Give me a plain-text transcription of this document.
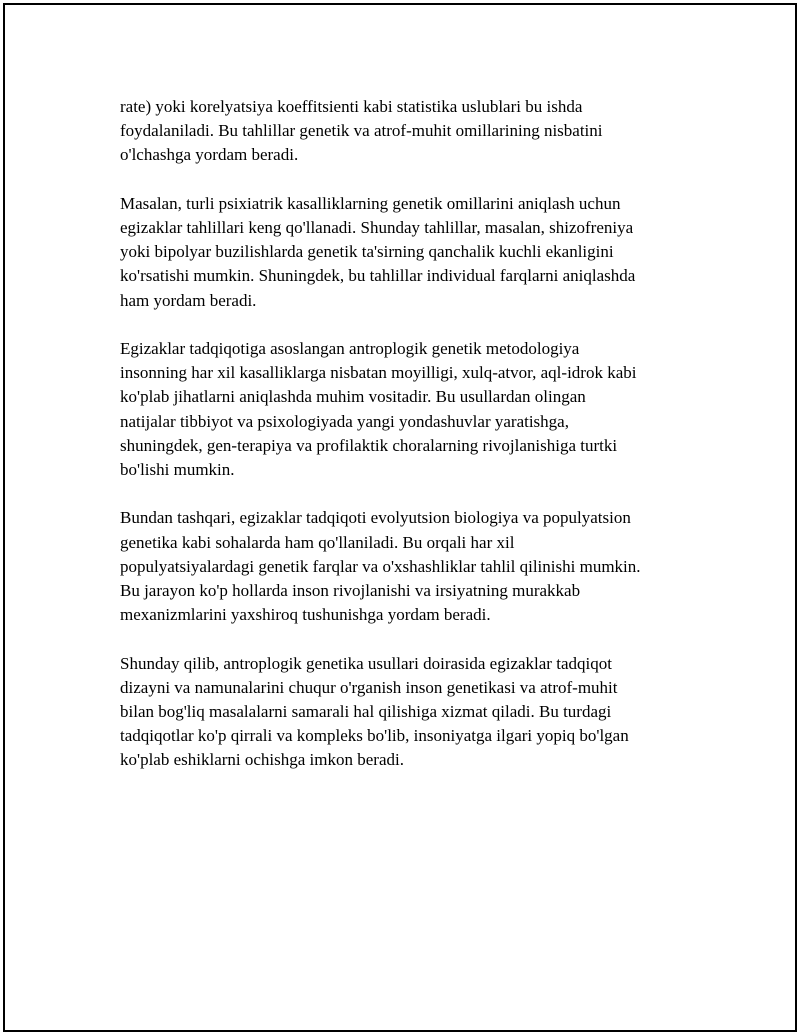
rate) yoki korelyatsiya koeffitsienti kabi statistika uslublari bu ishda
foydalaniladi. Bu tahlillar genetik va atrof-muhit omillarining nisbatini
o'lchashga yordam beradi.

Masalan, turli psixiatrik kasalliklarning genetik omillarini aniqlash uchun
egizaklar tahlillari keng qo'llanadi. Shunday tahlillar, masalan, shizofreniya
yoki bipolyar buzilishlarda genetik ta'sirning qanchalik kuchli ekanligini
ko'rsatishi mumkin. Shuningdek, bu tahlillar individual farqlarni aniqlashda
ham yordam beradi.

Egizaklar tadqiqotiga asoslangan antroplogik genetik metodologiya
insonning har xil kasalliklarga nisbatan moyilligi, xulq-atvor, aql-idrok kabi
ko'plab jihatlarni aniqlashda muhim vositadir. Bu usullardan olingan
natijalar tibbiyot va psixologiyada yangi yondashuvlar yaratishga,
shuningdek, gen-terapiya va profilaktik choralarning rivojlanishiga turtki
bo'lishi mumkin.

Bundan tashqari, egizaklar tadqiqoti evolyutsion biologiya va populyatsion
genetika kabi sohalarda ham qo'llaniladi. Bu orqali har xil
populyatsiyalardagi genetik farqlar va o'xshashliklar tahlil qilinishi mumkin.
Bu jarayon ko'p hollarda inson rivojlanishi va irsiyatning murakkab
mexanizmlarini yaxshiroq tushunishga yordam beradi.

Shunday qilib, antroplogik genetika usullari doirasida egizaklar tadqiqot
dizayni va namunalarini chuqur o'rganish inson genetikasi va atrof-muhit
bilan bog'liq masalalarni samarali hal qilishiga xizmat qiladi. Bu turdagi
tadqiqotlar ko'p qirrali va kompleks bo'lib, insoniyatga ilgari yopiq bo'lgan
ko'plab eshiklarni ochishga imkon beradi.
